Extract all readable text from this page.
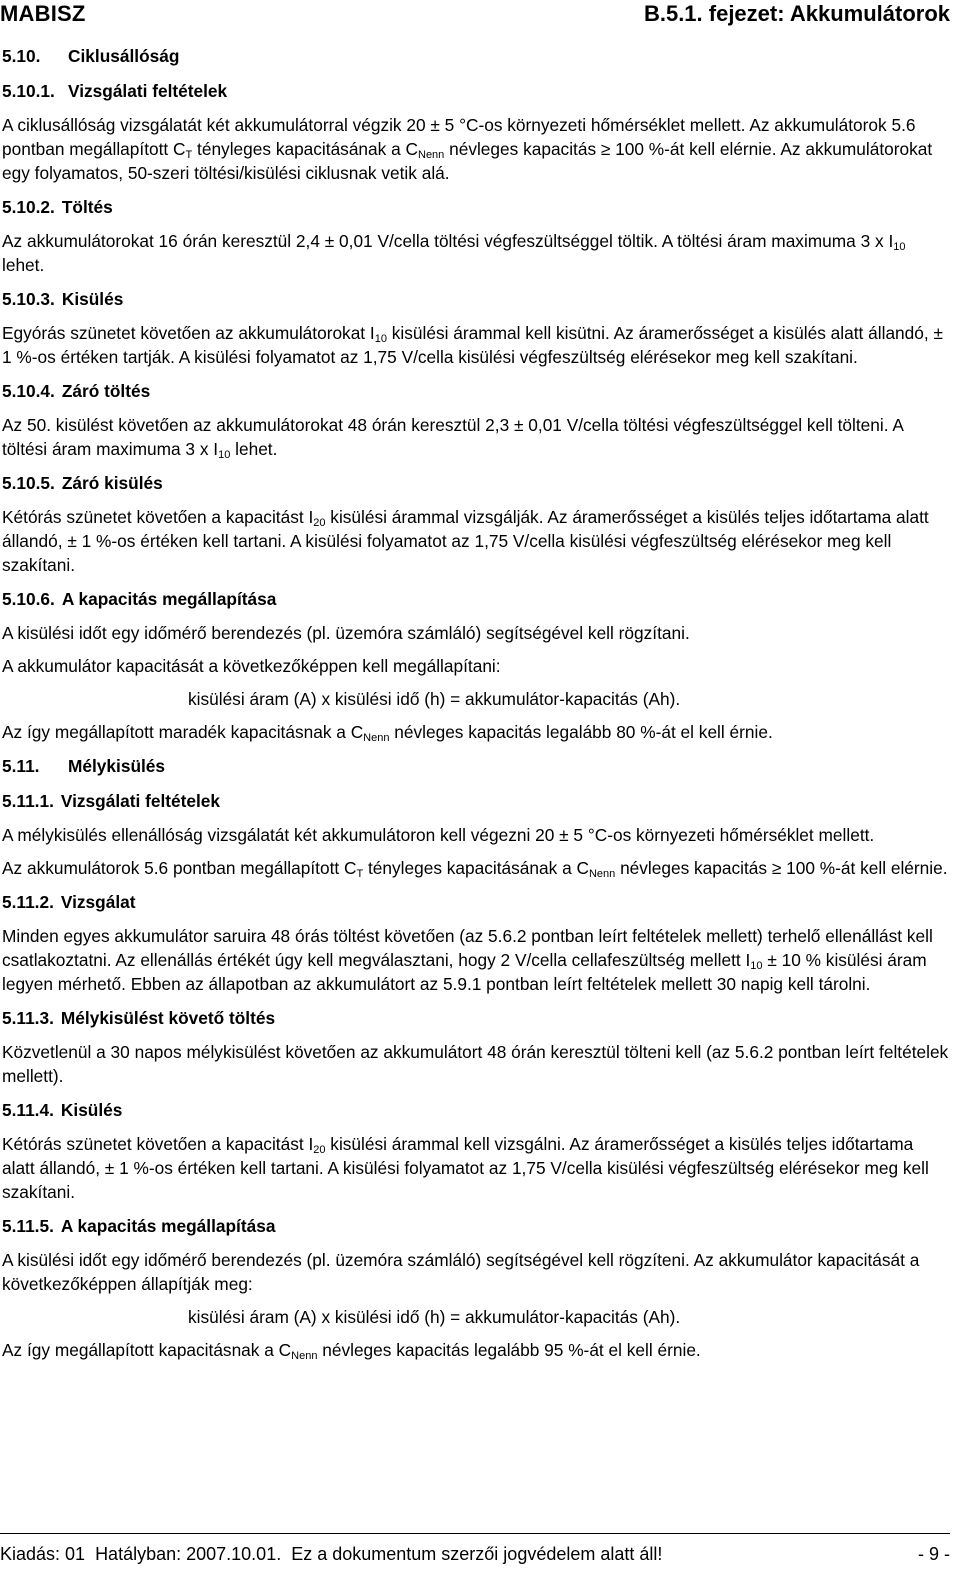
MABISZ	B.5.1. fejezet: Akkumulátorok
5.10. Ciklusállóság
5.10.1. Vizsgálati feltételek

A ciklusállóság vizsgálatát két akkumulátorral végzik 20 ± 5 °C-os környezeti hőmérséklet mellett. Az akkumulátorok 5.6 pontban megállapított $C_T$ tényleges kapacitásának a $C_{Nenn}$ névleges kapacitás ≥ 100 %-át kell elérnie. Az akkumulátorokat egy folyamatos, 50-szeri töltési/kisülési ciklusnak vetik alá.

5.10.2. Töltés

Az akkumulátorokat 16 órán keresztül 2,4 ± 0,01 V/cella töltési végfeszültséggel töltik. A töltési áram maximuma 3 x $I_{10}$ lehet.

5.10.3. Kisülés

Egyórás szünetet követően az akkumulátorokat $I_{10}$ kisülési árammal kell kisütni. Az áramerősséget a kisülés alatt állandó, ± 1 %-os értéken tartják. A kisülési folyamatot az 1,75 V/cella kisülési végfeszültség elérésekor meg kell szakítani.

5.10.4. Záró töltés

Az 50. kisülést követően az akkumulátorokat 48 órán keresztül 2,3 ± 0,01 V/cella töltési végfeszültséggel kell tölteni. A töltési áram maximuma 3 x $I_{10}$ lehet.

5.10.5. Záró kisülés

Kétórás szünetet követően a kapacitást $I_{20}$ kisülési árammal vizsgálják. Az áramerősséget a kisülés teljes időtartama alatt állandó, ± 1 %-os értéken kell tartani. A kisülési folyamatot az 1,75 V/cella kisülési végfeszültség elérésekor meg kell szakítani.

5.10.6. A kapacitás megállapítása

A kisülési időt egy időmérő berendezés (pl. üzemóra számláló) segítségével kell rögzítani.

A akkumulátor kapacitását a következőképpen kell megállapítani:

kisülési áram (A) x kisülési idő (h) = akkumulátor-kapacitás (Ah).

Az így megállapított maradék kapacitásnak a $C_{Nenn}$ névleges kapacitás legalább 80 %-át el kell érnie.

5.11. Mélykisülés
5.11.1. Vizsgálati feltételek

A mélykisülés ellenállóság vizsgálatát két akkumulátoron kell végezni 20 ± 5 °C-os környezeti hőmérséklet mellett.

Az akkumulátorok 5.6 pontban megállapított $C_T$ tényleges kapacitásának a $C_{Nenn}$ névleges kapacitás ≥ 100 %-át kell elérnie.

5.11.2. Vizsgálat

Minden egyes akkumulátor saruira 48 órás töltést követően (az 5.6.2 pontban leírt feltételek mellett) terhelő ellenállást kell csatlakoztatni. Az ellenállás értékét úgy kell megválasztani, hogy 2 V/cella cellafeszültség mellett $I_{10} \pm 10$ % kisülési áram legyen mérhető. Ebben az állapotban az akkumulátort az 5.9.1 pontban leírt feltételek mellett 30 napig kell tárolni.

5.11.3. Mélykisülést követő töltés

Közvetlenül a 30 napos mélykisülést követően az akkumulátort 48 órán keresztül tölteni kell (az 5.6.2 pontban leírt feltételek mellett).

5.11.4. Kisülés

Kétórás szünetet követően a kapacitást $I_{20}$ kisülési árammal kell vizsgálni. Az áramerősséget a kisülés teljes időtartama alatt állandó, ± 1 %-os értéken kell tartani. A kisülési folyamatot az 1,75 V/cella kisülési végfeszültség elérésekor meg kell szakítani.

5.11.5. A kapacitás megállapítása

A kisülési időt egy időmérő berendezés (pl. üzemóra számláló) segítségével kell rögzíteni. Az akkumulátor kapacitását a következőképpen állapítják meg:

kisülési áram (A) x kisülési idő (h) = akkumulátor-kapacitás (Ah).

Az így megállapított kapacitásnak a $C_{Nenn}$ névleges kapacitás legalább 95 %-át el kell érnie.

Kiadás: 01 Hatályban: 2007.10.01. Ez a dokumentum szerzői jogvédelem alatt áll!	- 9 -
